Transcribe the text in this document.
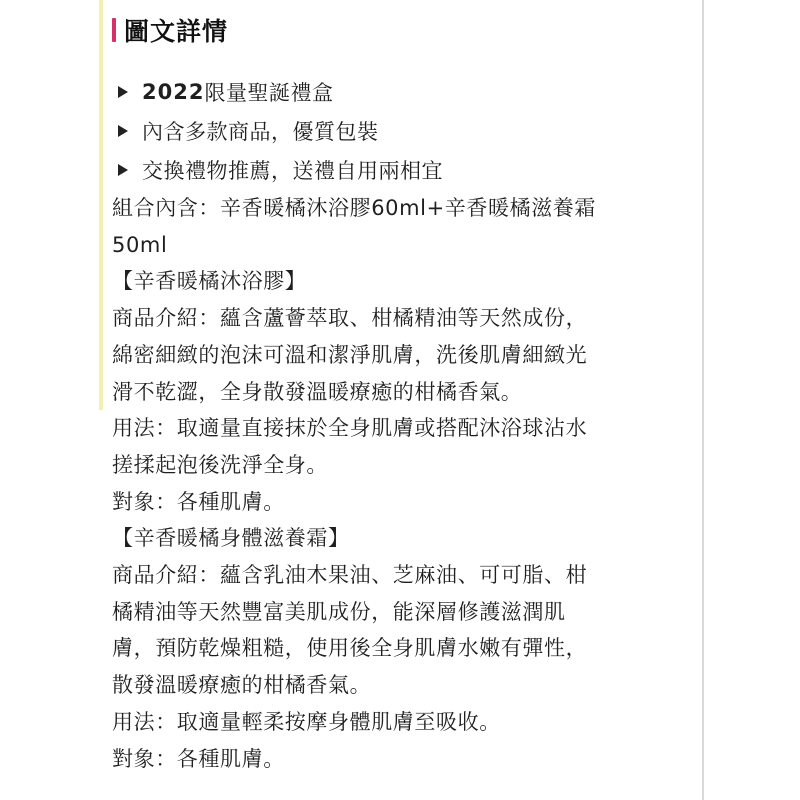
圖文詳情
2022 限量聖誕禮盒
內含多款商品，優質包裝
交換禮物推薦，送禮自用兩相宜
組合內含：辛香暖橘沐浴膠60ml+辛香暖橘滋養霜
50ml
【辛香暖橘沐浴膠】
商品介紹：蘊含蘆薈萃取、柑橘精油等天然成份，
綿密細緻的泡沫可溫和潔淨肌膚，洗後肌膚細緻光
滑不乾澀，全身散發溫暖療癒的柑橘香氣。
用法：取適量直接抹於全身肌膚或搭配沐浴球沾水
搓揉起泡後洗淨全身。
對象：各種肌膚。
【辛香暖橘身體滋養霜】
商品介紹：蘊含乳油木果油、芝麻油、可可脂、柑
橘精油等天然豐富美肌成份，能深層修護滋潤肌
膚，預防乾燥粗糙，使用後全身肌膚水嫩有彈性，
散發溫暖療癒的柑橘香氣。
用法：取適量輕柔按摩身體肌膚至吸收。
對象：各種肌膚。
